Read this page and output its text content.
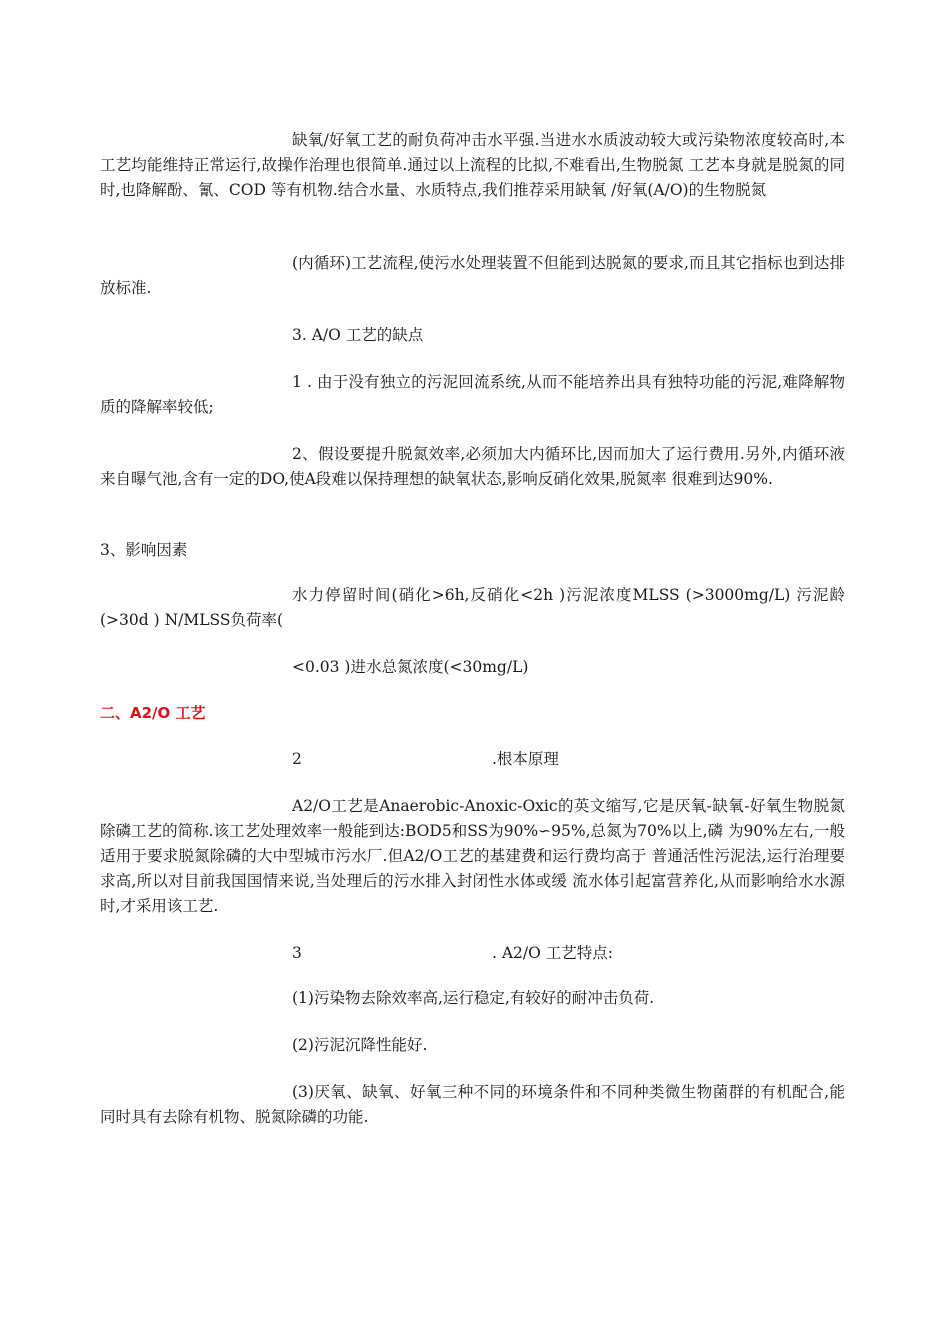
缺氧/好氧工艺的耐负荷冲击水平强.当进水水质波动较大或污染物浓度较高时,本工艺均能维持正常运行,故操作治理也很简单.通过以上流程的比拟,不难看出,生物脱氮 工艺本身就是脱氮的同时,也降解酚、氰、COD 等有机物.结合水量、水质特点,我们推荐采用缺氧 /好氧(A/O)的生物脱氮

(内循环)工艺流程,使污水处理装置不但能到达脱氮的要求,而且其它指标也到达排放标准.

3. A/O 工艺的缺点

1 . 由于没有独立的污泥回流系统,从而不能培养出具有独特功能的污泥,难降解物质的降解率较低;

2、假设要提升脱氮效率,必须加大内循环比,因而加大了运行费用.另外,内循环液来自曝气池,含有一定的DO,使A段难以保持理想的缺氧状态,影响反硝化效果,脱氮率 很难到达90%.

3、影响因素

水力停留时间(硝化>6h,反硝化<2h )污泥浓度MLSS (>3000mg/L) 污泥龄(>30d ) N/MLSS负荷率(

<0.03 )进水总氮浓度(<30mg/L)

二、A2/O 工艺

2	.根本原理

A2/O工艺是Anaerobic-Anoxic-Oxic的英文缩写,它是厌氧-缺氧-好氧生物脱氮除磷工艺的简称.该工艺处理效率一般能到达:BOD5和SS为90%∽95%,总氮为70%以上,磷 为90%左右,一般适用于要求脱氮除磷的大中型城市污水厂.但A2/O工艺的基建费和运行费均高于 普通活性污泥法,运行治理要求高,所以对目前我国国情来说,当处理后的污水排入封闭性水体或缓 流水体引起富营养化,从而影响给水水源时,才采用该工艺.

3	. A2/O 工艺特点:

(1)污染物去除效率高,运行稳定,有较好的耐冲击负荷.

(2)污泥沉降性能好.

(3)厌氧、缺氧、好氧三种不同的环境条件和不同种类微生物菌群的有机配合,能同时具有去除有机物、脱氮除磷的功能.
